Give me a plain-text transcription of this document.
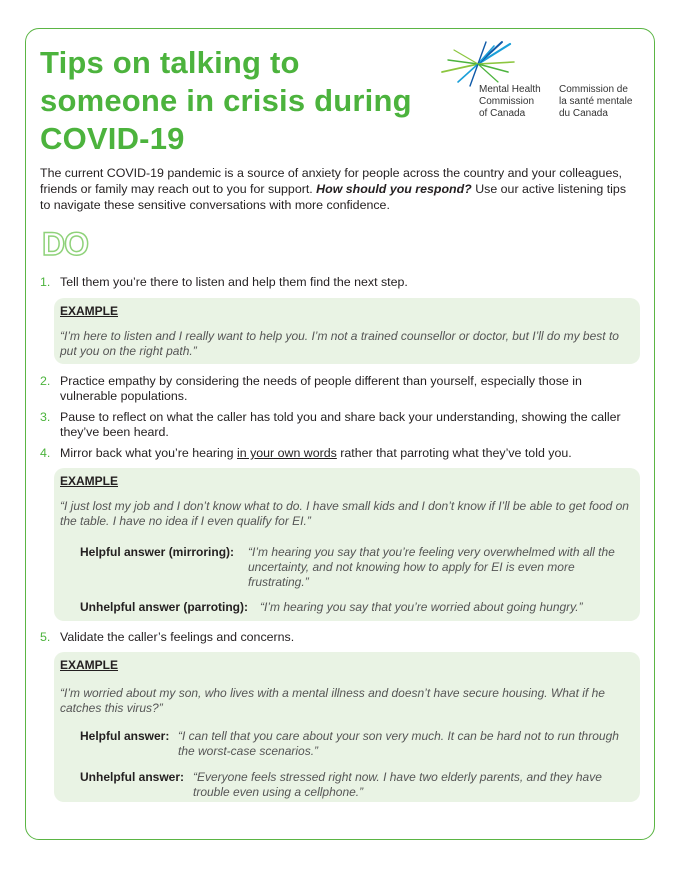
Tips on talking to
someone in crisis during
COVID-19
Mental Health
Commission
of Canada
Commission de
la santé mentale
du Canada

The current COVID-19 pandemic is a source of anxiety for people across the country and your colleagues, friends or family may reach out to you for support. How should you respond? Use our active listening tips to navigate these sensitive conversations with more confidence.

DO
1. Tell them you’re there to listen and help them find the next step.
EXAMPLE
“I’m here to listen and I really want to help you. I’m not a trained counsellor or doctor, but I’ll do my best to put you on the right path.”
2. Practice empathy by considering the needs of people different than yourself, especially those in vulnerable populations.
3. Pause to reflect on what the caller has told you and share back your understanding, showing the caller they’ve been heard.
4. Mirror back what you’re hearing in your own words rather that parroting what they’ve told you.
EXAMPLE
“I just lost my job and I don’t know what to do. I have small kids and I don’t know if I’ll be able to get food on the table. I have no idea if I even qualify for EI.”
Helpful answer (mirroring): “I’m hearing you say that you’re feeling very overwhelmed with all the uncertainty, and not knowing how to apply for EI is even more frustrating.”
Unhelpful answer (parroting): “I’m hearing you say that you’re worried about going hungry.”
5. Validate the caller’s feelings and concerns.
EXAMPLE
“I’m worried about my son, who lives with a mental illness and doesn’t have secure housing. What if he catches this virus?”
Helpful answer: “I can tell that you care about your son very much. It can be hard not to run through the worst-case scenarios.”
Unhelpful answer: “Everyone feels stressed right now. I have two elderly parents, and they have trouble even using a cellphone.”
